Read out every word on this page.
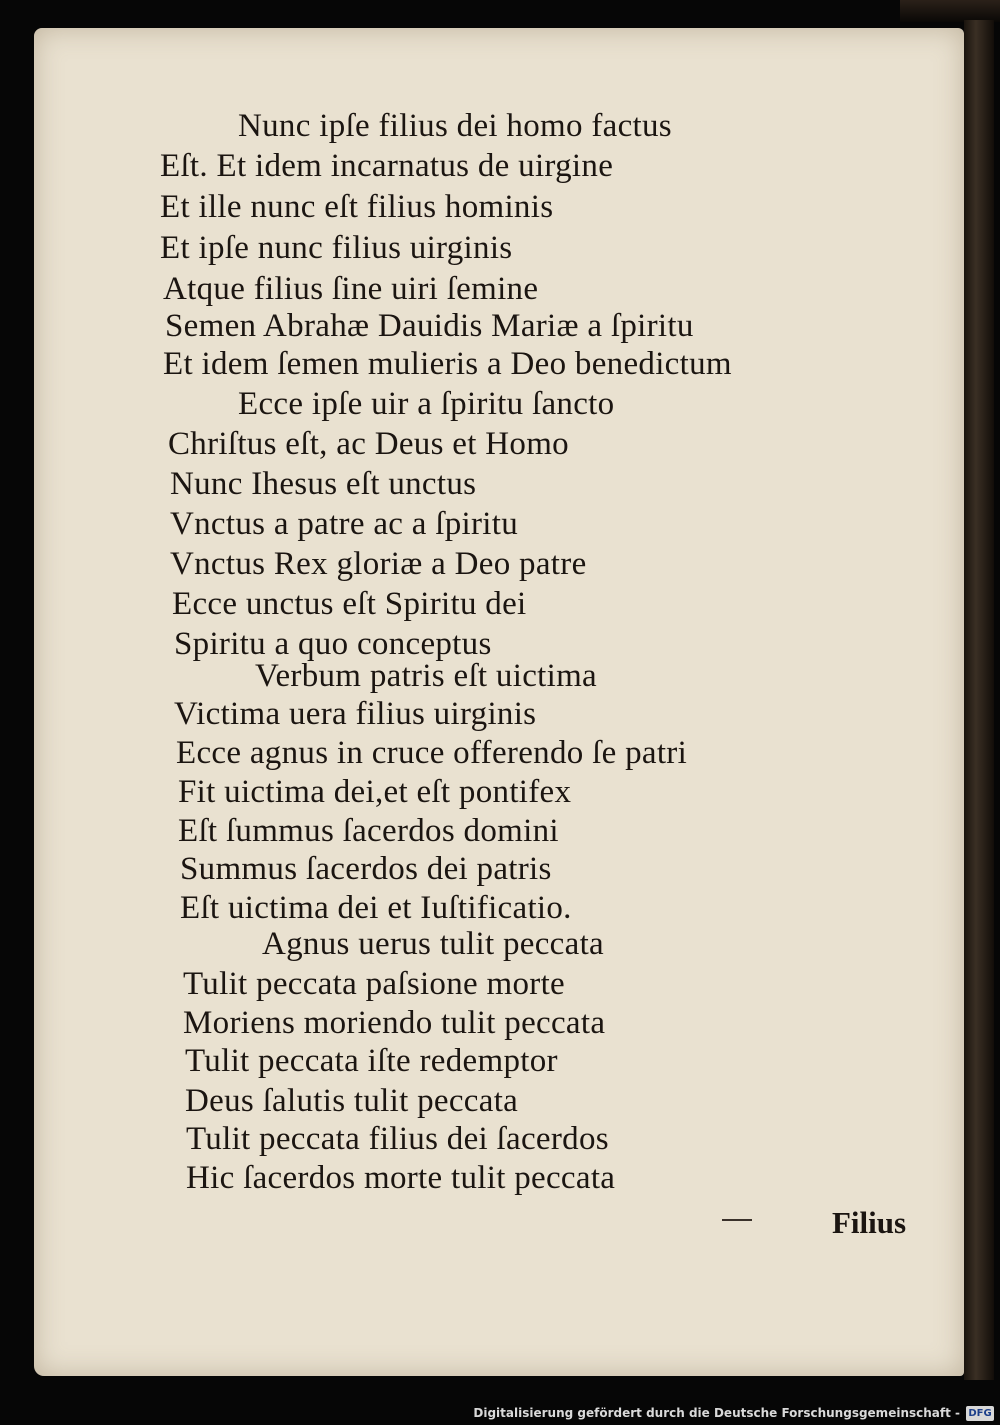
Nunc ipſe filius dei homo factus
Eſt. Et idem incarnatus de uirgine
Et ille nunc eſt filius hominis
Et ipſe nunc filius uirginis
Atque filius ſine uiri ſemine
Semen Abrahæ Dauidis Mariæ a ſpiritu
Et idem ſemen mulieris a Deo benedictum
Ecce ipſe uir a ſpiritu ſancto
Chriſtus eſt, ac Deus et Homo
Nunc Ihesus eſt unctus
Vnctus a patre ac a ſpiritu
Vnctus Rex gloriæ a Deo patre
Ecce unctus eſt Spiritu dei
Spiritu a quo conceptus
Verbum patris eſt uictima
Victima uera filius uirginis
Ecce agnus in cruce offerendo ſe patri
Fit uictima dei,et eſt pontifex
Eſt ſummus ſacerdos domini
Summus ſacerdos dei patris
Eſt uictima dei et Iuſtificatio.
Agnus uerus tulit peccata
Tulit peccata paſsione morte
Moriens moriendo tulit peccata
Tulit peccata iſte redemptor
Deus ſalutis tulit peccata
Tulit peccata filius dei ſacerdos
Hic ſacerdos morte tulit peccata
Filius
Digitalisierung gefördert durch die Deutsche Forschungsgemeinschaft - DFG
